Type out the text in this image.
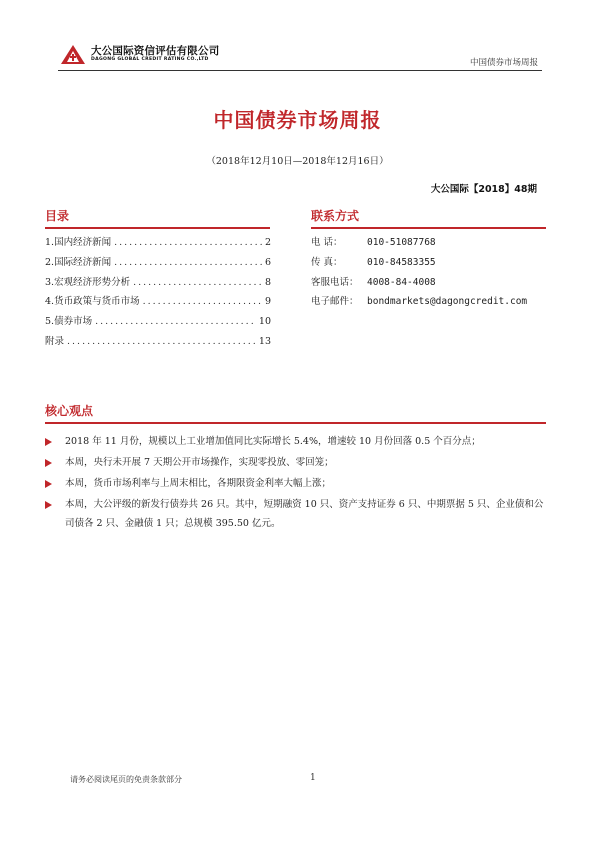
大公国际资信评估有限公司
DAGONG GLOBAL CREDIT RATING CO.,LTD	中国债券市场周报
中国债券市场周报
（2018年12月10日—2018年12月16日）
大公国际【2018】48期
目录	联系方式
1.国内经济新闻 .....	2
2.国际经济新闻 .....	6
3.宏观经济形势分析 .....	8
4.货币政策与货币市场 .....	9
5.债券市场 .....	10
附录 .....	13
电 话：	010-51087768
传 真：	010-84583355
客服电话： 4008-84-4008
电子邮件： bondmarkets@dagongcredit.com
核心观点
2018 年 11 月份，规模以上工业增加值同比实际增长 5.4%，增速较 10 月份回落 0.5 个百分点；
本周，央行未开展 7 天期公开市场操作，实现零投放、零回笼；
本周，货币市场利率与上周末相比，各期限资金利率大幅上涨；
本周，大公评级的新发行债券共 26 只。其中，短期融资 10 只、资产支持证券 6 只、中期票据 5 只、企业债和公司债各 2 只、金融债 1 只；总规模 395.50 亿元。
请务必阅读尾页的免责条款部分	1
